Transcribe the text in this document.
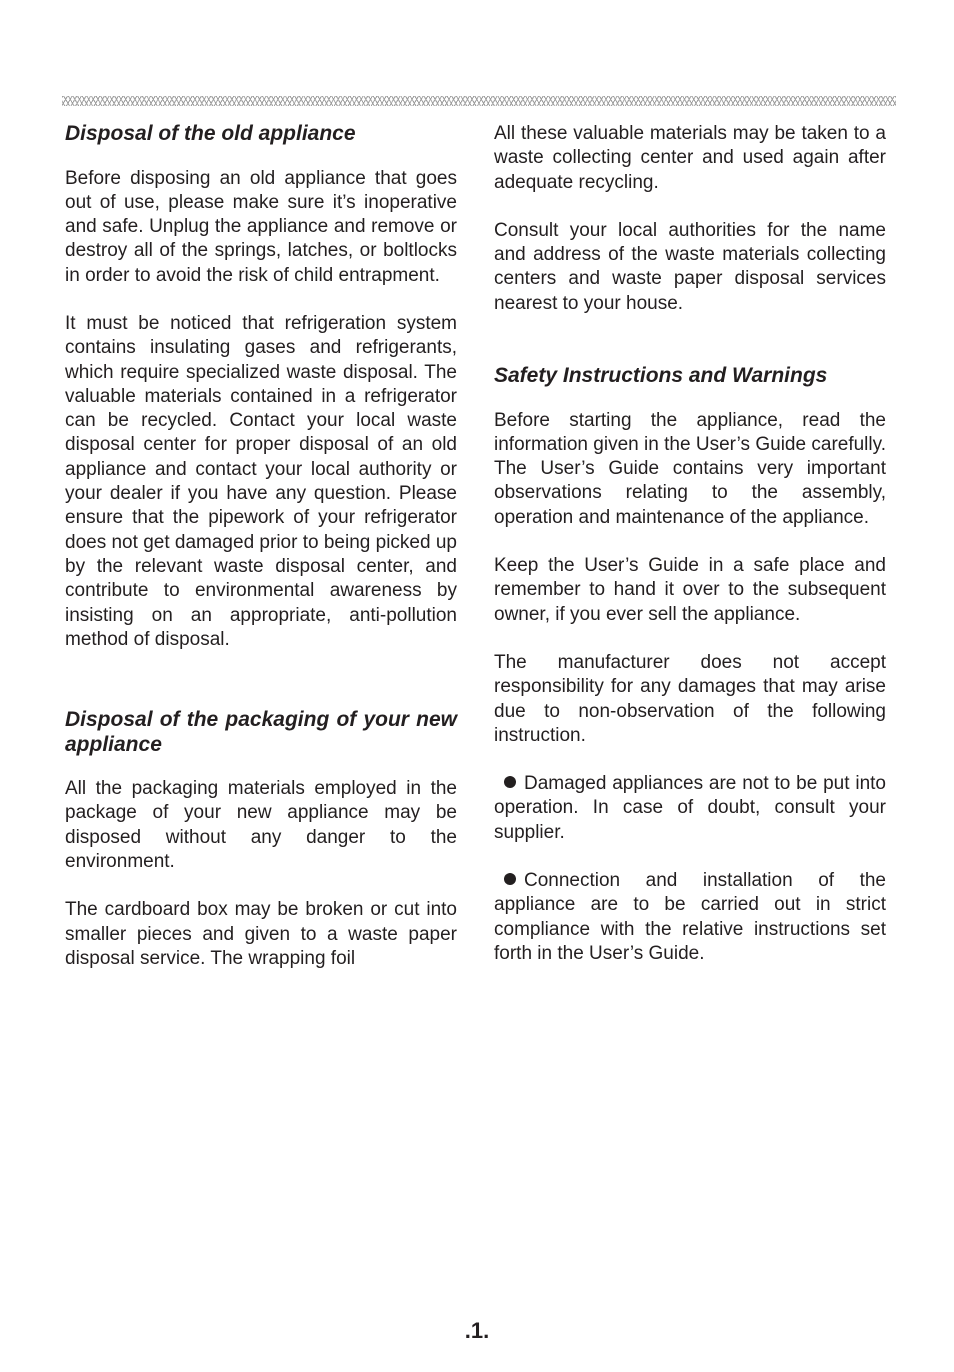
Disposal of the old appliance

Before disposing an old appliance that goes out of use, please make sure it’s inoperative and safe. Unplug the appliance and remove or destroy all of the springs, latches, or boltlocks in order to avoid the risk of child entrapment.

It must be noticed that refrigeration system contains insulating gases and refrigerants, which require specialized waste disposal. The valuable materials contained in a refrigerator can be recycled. Contact your local waste disposal center for proper disposal of an old appliance and contact your local authority or your dealer if you have any question. Please ensure that the pipework of your refrigerator does not get damaged prior to being picked up by the relevant waste disposal center, and contribute to environmental awareness by insisting on an appropriate, anti-pollution method of disposal.

Disposal of the packaging of your new appliance

All the packaging materials employed in the package of your new appliance may be disposed without any danger to the environment.

The cardboard box may be broken or cut into smaller pieces and given to a waste paper disposal service. The wrapping foil

All these valuable materials may be taken to a waste collecting center and used again after adequate recycling.

Consult your local authorities for the name and address of the waste materials collecting centers and waste paper disposal services nearest to your house.

Safety Instructions and Warnings

Before starting the appliance, read the information given in the User’s Guide carefully. The User’s Guide contains very important observations relating to the assembly, operation and maintenance of the appliance.

Keep the User’s Guide in a safe place and remember to hand it over to the subsequent owner, if you ever sell the appliance.

The manufacturer does not accept responsibility for any damages that may arise due to non-observation of the following instruction.

Damaged appliances are not to be put into operation. In case of doubt, consult your supplier.

Connection and installation of the appliance are to be carried out in strict compliance with the relative instructions set forth in the User’s Guide.

.1.
